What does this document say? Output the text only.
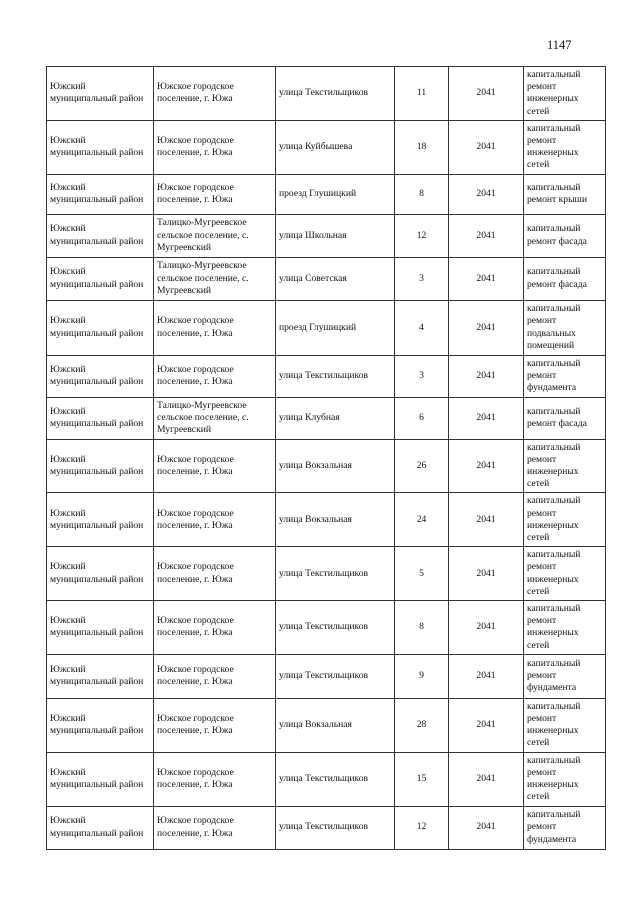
1147
Южский муниципальный район	Южское городское поселение, г. Южа	улица Текстильщиков	11	2041	капитальный ремонт инженерных сетей
Южский муниципальный район	Южское городское поселение, г. Южа	улица Куйбышева	18	2041	капитальный ремонт инженерных сетей
Южский муниципальный район	Южское городское поселение, г. Южа	проезд Глушицкий	8	2041	капитальный ремонт крыши
Южский муниципальный район	Талицко-Мугреевское сельское поселение, с. Мугреевский	улица Школьная	12	2041	капитальный ремонт фасада
Южский муниципальный район	Талицко-Мугреевское сельское поселение, с. Мугреевский	улица Советская	3	2041	капитальный ремонт фасада
Южский муниципальный район	Южское городское поселение, г. Южа	проезд Глушицкий	4	2041	капитальный ремонт подвальных помещений
Южский муниципальный район	Южское городское поселение, г. Южа	улица Текстильщиков	3	2041	капитальный ремонт фундамента
Южский муниципальный район	Талицко-Мугреевское сельское поселение, с. Мугреевский	улица Клубная	6	2041	капитальный ремонт фасада
Южский муниципальный район	Южское городское поселение, г. Южа	улица Вокзальная	26	2041	капитальный ремонт инженерных сетей
Южский муниципальный район	Южское городское поселение, г. Южа	улица Вокзальная	24	2041	капитальный ремонт инженерных сетей
Южский муниципальный район	Южское городское поселение, г. Южа	улица Текстильщиков	5	2041	капитальный ремонт инженерных сетей
Южский муниципальный район	Южское городское поселение, г. Южа	улица Текстильщиков	8	2041	капитальный ремонт инженерных сетей
Южский муниципальный район	Южское городское поселение, г. Южа	улица Текстильщиков	9	2041	капитальный ремонт фундамента
Южский муниципальный район	Южское городское поселение, г. Южа	улица Вокзальная	28	2041	капитальный ремонт инженерных сетей
Южский муниципальный район	Южское городское поселение, г. Южа	улица Текстильщиков	15	2041	капитальный ремонт инженерных сетей
Южский муниципальный район	Южское городское поселение, г. Южа	улица Текстильщиков	12	2041	капитальный ремонт фундамента
